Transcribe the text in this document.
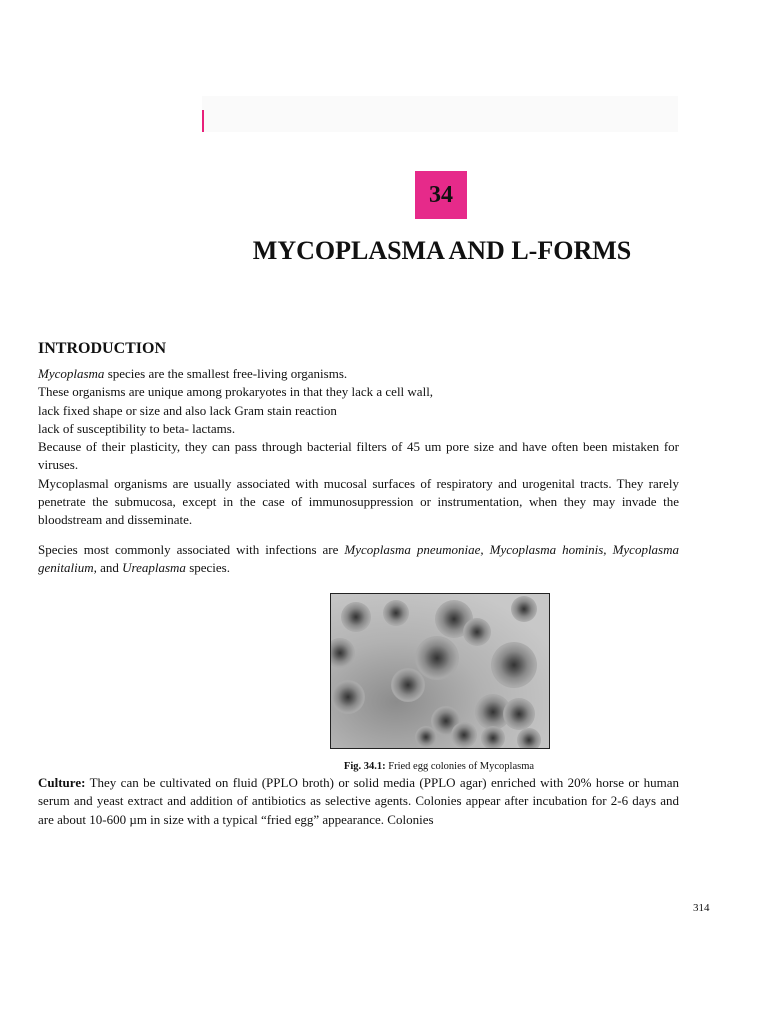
34
MYCOPLASMA AND L-FORMS
INTRODUCTION

Mycoplasma species are the smallest free-living organisms.

These organisms are unique among prokaryotes in that they lack a cell wall,

lack fixed shape or size and also lack Gram stain reaction

lack of susceptibility to beta- lactams.

Because of their plasticity, they can pass through bacterial filters of 45 um pore size and have often been mistaken for viruses.

Mycoplasmal organisms are usually associated with mucosal surfaces of respiratory and urogenital tracts. They rarely penetrate the submucosa, except in the case of immunosuppression or instrumentation, when they may invade the bloodstream and disseminate.

Species most commonly associated with infections are Mycoplasma pneumoniae, Mycoplasma hominis, Mycoplasma genitalium, and Ureaplasma species.

Fig. 34.1: Fried egg colonies of Mycoplasma

Culture: They can be cultivated on fluid (PPLO broth) or solid media (PPLO agar) enriched with 20% horse or human serum and yeast extract and addition of antibiotics as selective agents. Colonies appear after incubation for 2-6 days and are about 10-600 µm in size with a typical “fried egg” appearance. Colonies

314
